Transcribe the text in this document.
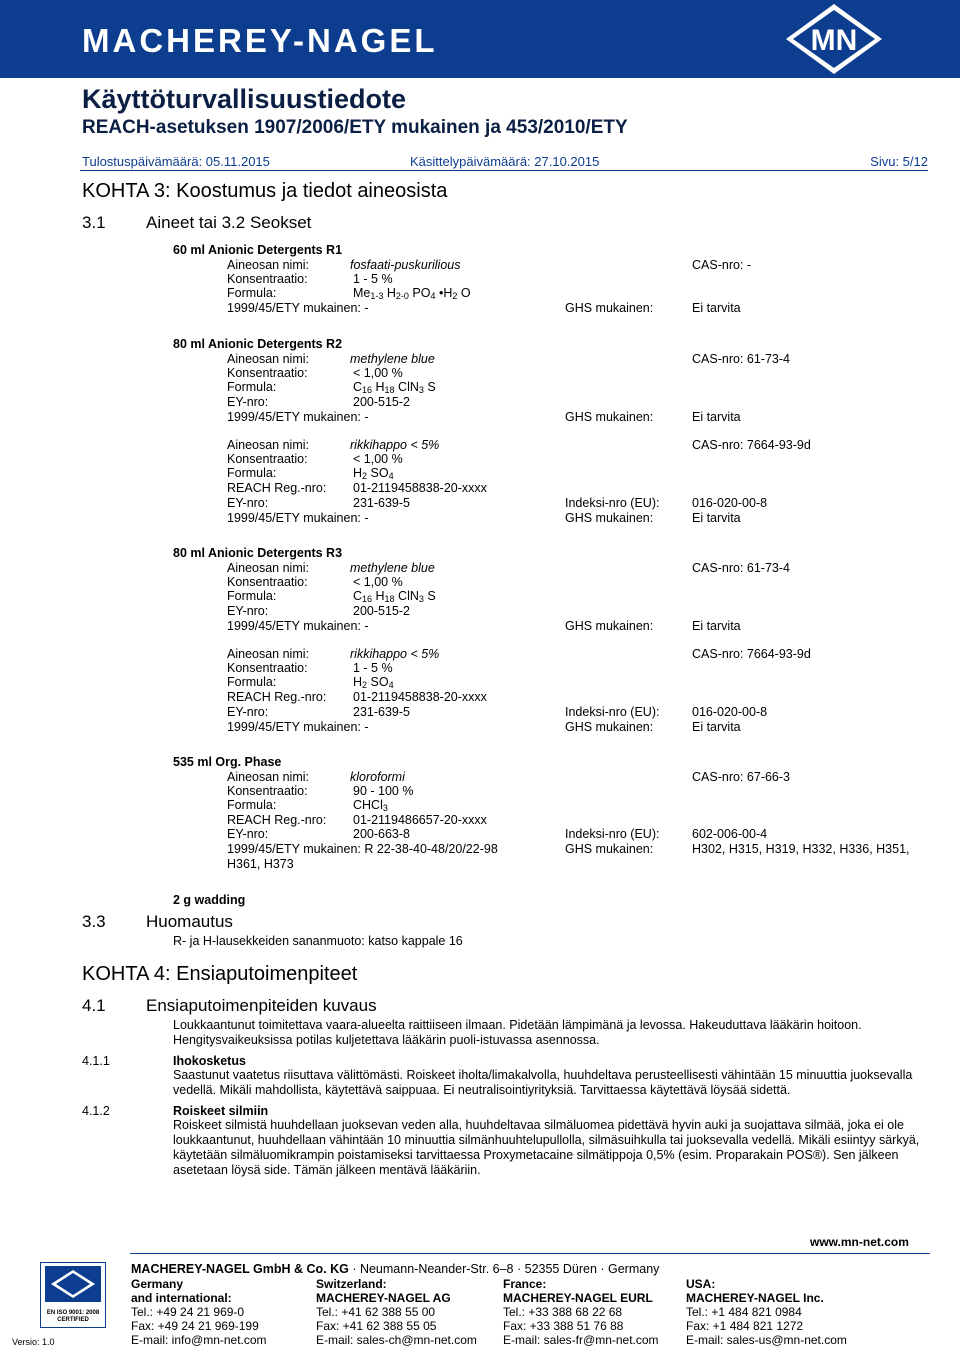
MACHEREY-NAGEL	MN
Käyttöturvallisuustiedote
REACH-asetuksen 1907/2006/ETY mukainen ja 453/2010/ETY
Tulostuspäivämäärä: 05.11.2015	Käsittelypäivämäärä: 27.10.2015	Sivu: 5/12
KOHTA 3: Koostumus ja tiedot aineosista
3.1 Aineet tai 3.2 Seokset
60 ml Anionic Detergents R1
Aineosan nimi:	fosfaati-puskurilious	CAS-nro: -
Konsentraatio:	1 - 5 %
Formula:	$Me_{1-3}$ $H_{2-0}$ $PO_4$ $•H_2$ O
1999/45/ETY mukainen: -	GHS mukainen:	Ei tarvita
80 ml Anionic Detergents R2
Aineosan nimi:	methylene blue	CAS-nro: 61-73-4
Konsentraatio:	< 1,00 %
Formula:	$C_{16}$ $H_{18}$ ClN$_3$ S
EY-nro:	200-515-2
1999/45/ETY mukainen: -	GHS mukainen:	Ei tarvita
Aineosan nimi:	rikkihappo < 5%	CAS-nro: 7664-93-9d
Konsentraatio:	< 1,00 %
Formula:	$H_2$ $SO_4$
REACH Reg.-nro: 01-2119458838-20-xxxx
EY-nro:	231-639-5	Indeksi-nro (EU):	016-020-00-8
1999/45/ETY mukainen: -	GHS mukainen:	Ei tarvita
80 ml Anionic Detergents R3
Aineosan nimi:	methylene blue	CAS-nro: 61-73-4
Konsentraatio:	< 1,00 %
Formula:	$C_{16}$ $H_{18}$ ClN$_3$ S
EY-nro:	200-515-2
1999/45/ETY mukainen: -	GHS mukainen:	Ei tarvita
Aineosan nimi:	rikkihappo < 5%	CAS-nro: 7664-93-9d
Konsentraatio:	1 - 5 %
Formula:	$H_2$ $SO_4$
REACH Reg.-nro: 01-2119458838-20-xxxx
EY-nro:	231-639-5	Indeksi-nro (EU):	016-020-00-8
1999/45/ETY mukainen: -	GHS mukainen:	Ei tarvita
535 ml Org. Phase
Aineosan nimi:	kloroformi	CAS-nro: 67-66-3
Konsentraatio:	90 - 100 %
Formula:	CHCl$_3$
REACH Reg.-nro: 01-2119486657-20-xxxx
EY-nro:	200-663-8	Indeksi-nro (EU):	602-006-00-4
1999/45/ETY mukainen: R 22-38-40-48/20/22-98	GHS mukainen:	H302, H315, H319, H332, H336, H351,
H361, H373
2 g wadding
3.3 Huomautus
R- ja H-lausekkeiden sananmuoto: katso kappale 16
KOHTA 4: Ensiaputoimenpiteet
4.1 Ensiaputoimenpiteiden kuvaus
Loukkaantunut toimitettava vaara-alueelta raittiiseen ilmaan. Pidetään lämpimänä ja levossa. Hakeuduttava lääkärin hoitoon. Hengitysvaikeuksissa potilas kuljetettava lääkärin puoli-istuvassa asennossa.
4.1.1	Ihokosketus
Saastunut vaatetus riisuttava välittömästi. Roiskeet iholta/limakalvolla, huuhdeltava perusteellisesti vähintään 15 minuuttia juoksevalla vedellä. Mikäli mahdollista, käytettävä saippuaa. Ei neutralisointiyrityksiä. Tarvittaessa käytettävä löysää sidettä.
4.1.2	Roiskeet silmiin
Roiskeet silmistä huuhdellaan juoksevan veden alla, huuhdeltavaa silmäluomea pidettävä hyvin auki ja suojattava silmää, joka ei ole loukkaantunut, huuhdellaan vähintään 10 minuuttia silmänhuuhtelupullolla, silmäsuihkulla tai juoksevalla vedellä. Mikäli esiintyy särkyä, käytetään silmäluomikrampin poistamiseksi tarvittaessa Proxymetacaine silmätippoja 0,5% (esim. Proparakain POS®). Sen jälkeen asetetaan löysä side. Tämän jälkeen mentävä lääkäriin.
EN ISO 9001: 2008 CERTIFIED
Versio: 1.0
MACHEREY-NAGEL GmbH & Co. KG · Neumann-Neander-Str. 6–8 · 52355 Düren · Germany
www.mn-net.com
Germany
and international:
Tel.: +49 24 21 969-0
Fax: +49 24 21 969-199
E-mail: info@mn-net.com
Switzerland:
MACHEREY-NAGEL AG
Tel.: +41 62 388 55 00
Fax: +41 62 388 55 05
E-mail: sales-ch@mn-net.com
France:
MACHEREY-NAGEL EURL
Tel.: +33 388 68 22 68
Fax: +33 388 51 76 88
E-mail: sales-fr@mn-net.com
USA:
MACHEREY-NAGEL Inc.
Tel.: +1 484 821 0984
Fax: +1 484 821 1272
E-mail: sales-us@mn-net.com
